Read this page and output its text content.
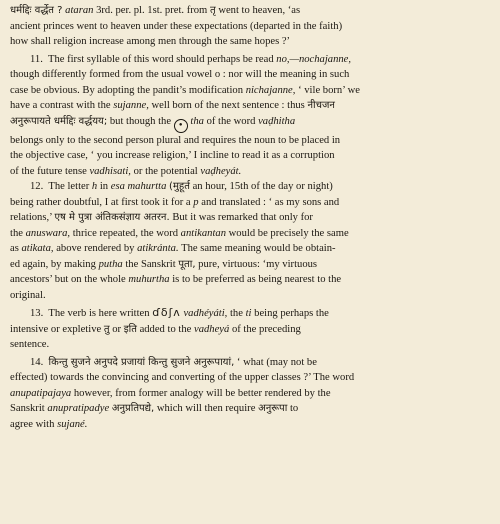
धर्मद्दिः वर्द्धेत ? ataran 3rd. per. pl. 1st. pret. from तृ went to heaven, ‘as
ancient princes went to heaven under these expectations (departed in the faith)
how shall religion increase among men through the same hopes ?’
11. The first syllable of this word should perhaps be read no,—nochajanne,
though differently formed from the usual vowel o : nor will the meaning in such
case be obvious. By adopting the pandit’s modification nichajanne, ‘ vile born’ we
have a contrast with the sujanne, well born of the next sentence : thus नीचजन
अनुरूपायते धर्मद्दिः वर्द्धयय; but though the ● tha of the word vaḍhitha
belongs only to the second person plural and requires the noun to be placed in
the objective case, ‘ you increase religion,’ I incline to read it as a corruption
of the future tense vadhisati, or the potential vaḍheyát.
12. The letter h in esa mahurtta (मुहूर्त an hour, 15th of the day or night)
being rather doubtful, I at first took it for a p and translated : ‘ as my sons and
relations,’ एष मे पुत्रा अंतिकसंज्ञाय अतरन. But it was remarked that only for
the anuswara, thrice repeated, the word antikantan would be precisely the same
as atikata, above rendered by atikránta. The same meaning would be obtain-
ed again, by making putha the Sanskrit पूता, pure, virtuous: ‘my virtuous
ancestors’ but on the whole muhurtha is to be preferred as being nearest to the
original.
13. The verb is here written ɗδʃʌ vadhéyáti, the ti being perhaps the
intensive or expletive तु or इति added to the vadheyá of the preceding
sentence.
14. किन्तु सुजने अनुपदे प्रजायां किन्तु सुजने अनुरूपायां, ‘ what (may not be
effected) towards the convincing and converting of the upper classes ?’ The word
anupatipajaya however, from former analogy will be better rendered by the
Sanskrit anupratipadye अनुप्रतिपद्ये, which will then require अनुरूपा to
agree with sujané.
